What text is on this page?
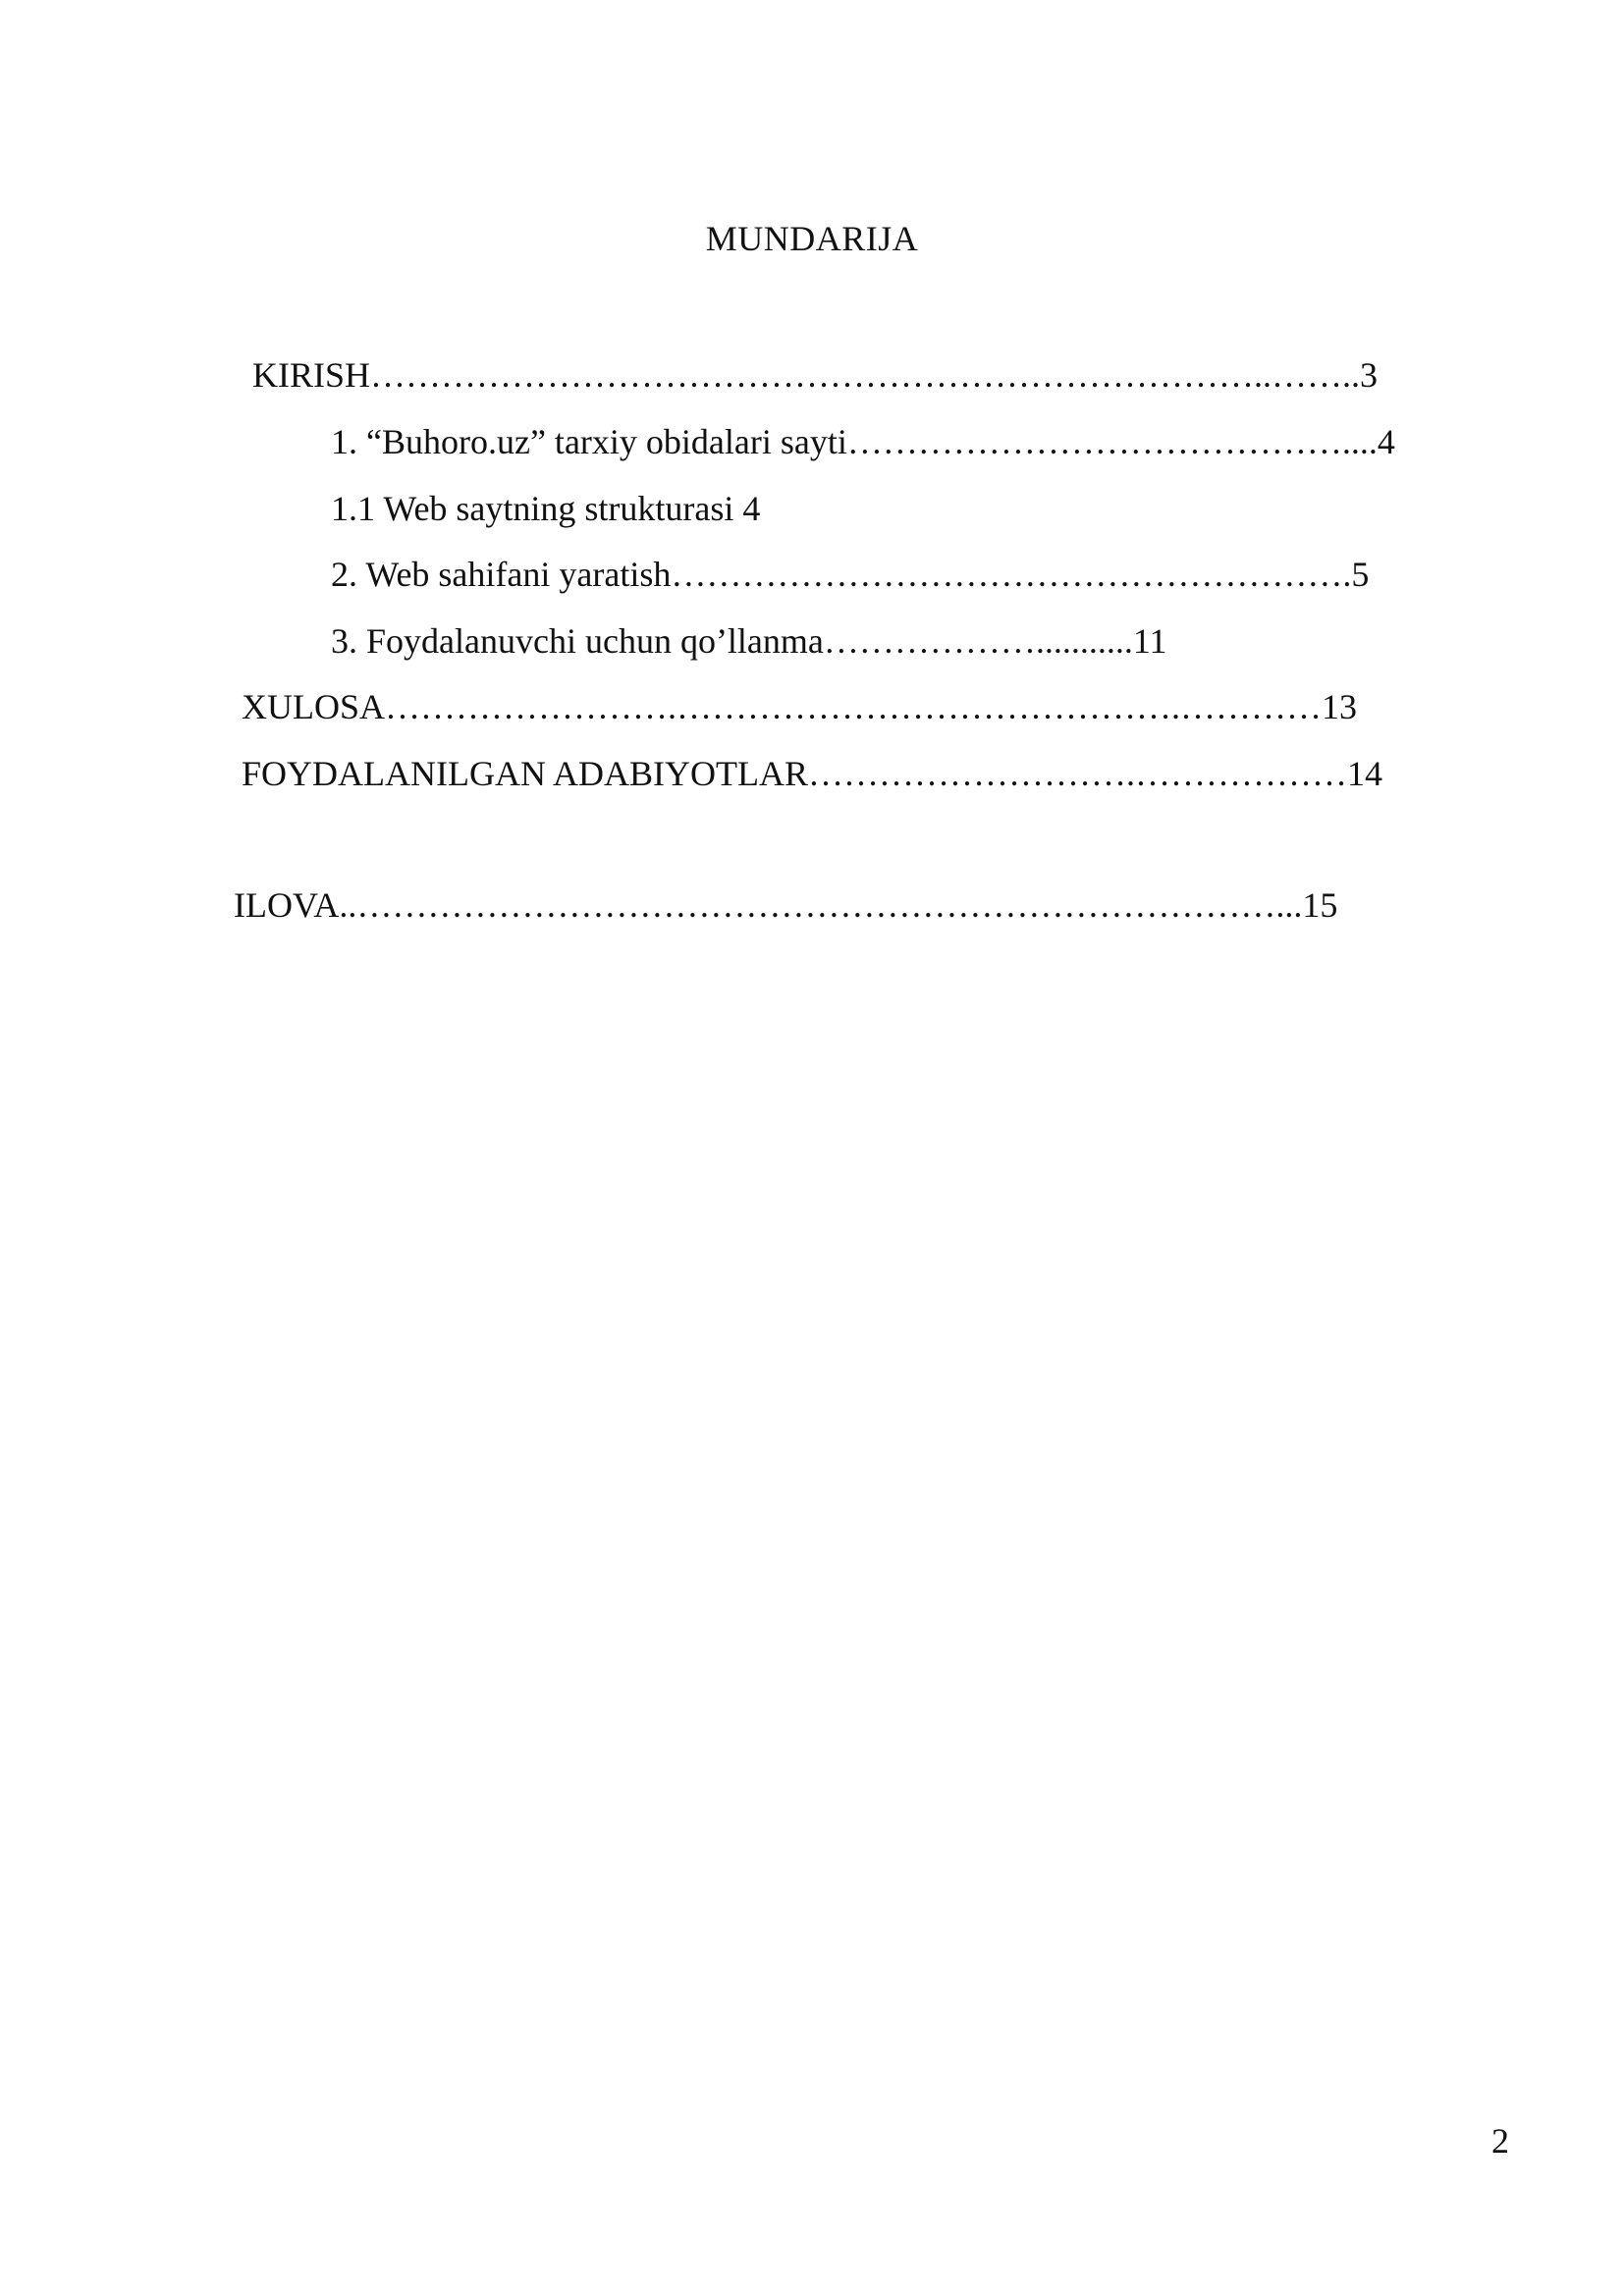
MUNDARIJA
KIRISH…………………………………………………………………..……..3
1. “Buhoro.uz” tarxiy obidalari sayti……………………………………....4
1.1 Web saytning strukturasi 4
2. Web sahifani yaratish………………………………………………….5
3. Foydalanuvchi uchun qo’llanma………………...........11
XULOSA…………………….…………………………………….…………13
FOYDALANILGAN ADABIYOTLAR……………………….………………14
ILOVA..……………………………………………………………………...15
2
